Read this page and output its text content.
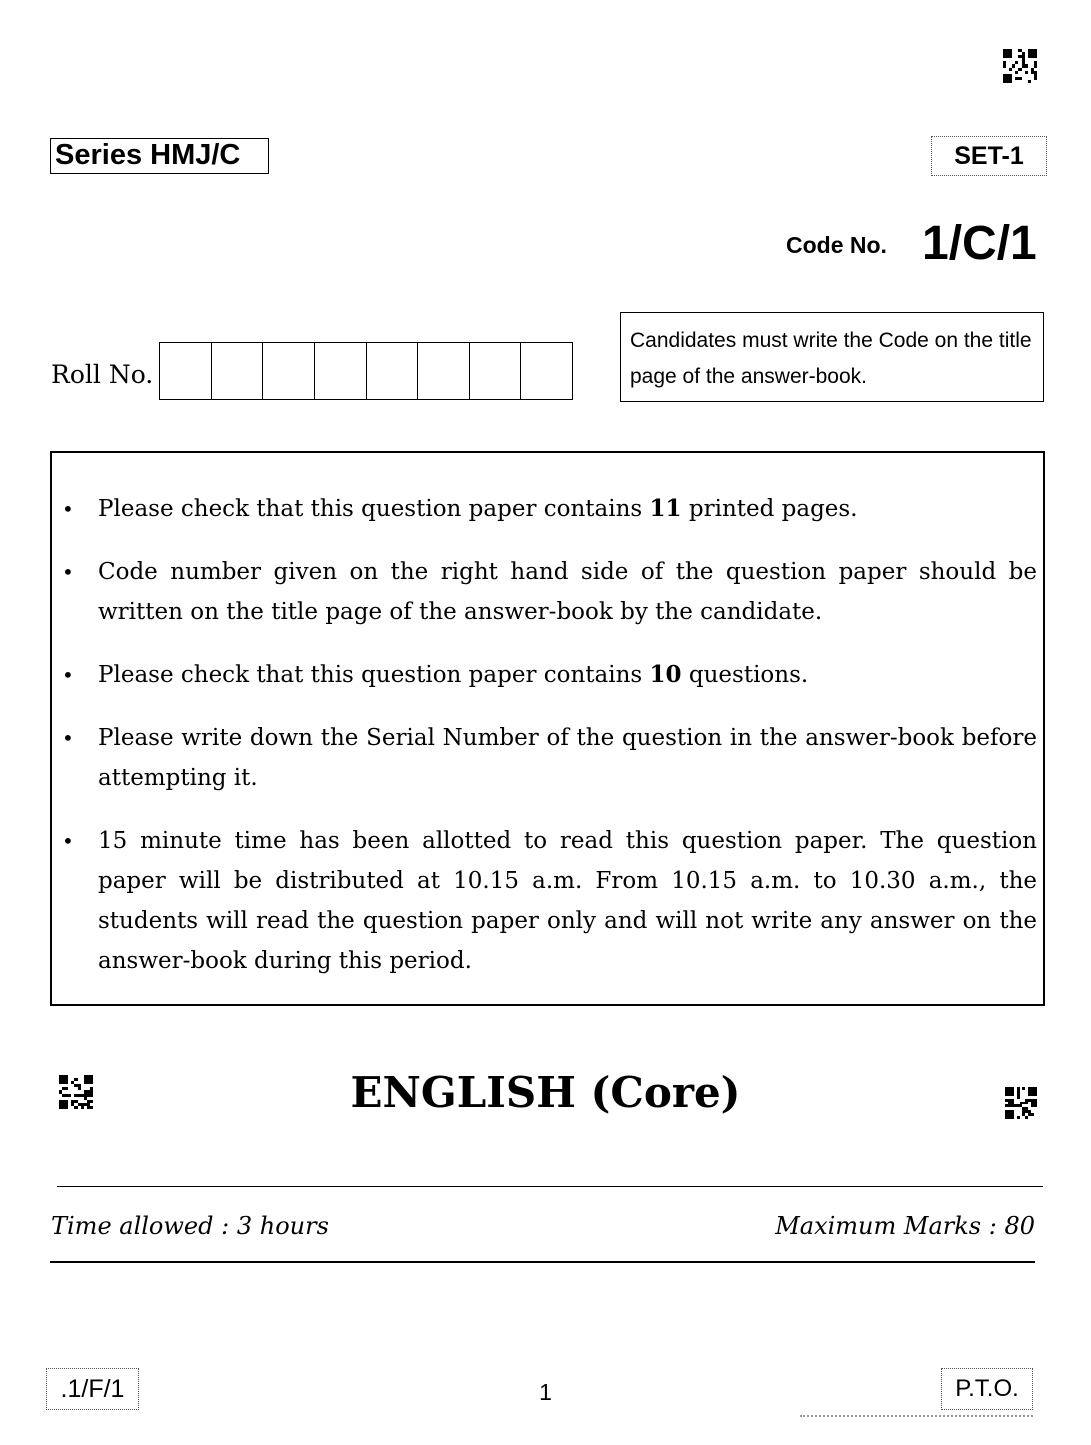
Series HMJ/C	SET-1
Code No. 1/C/1
Roll No.
Candidates must write the Code on the title page of the answer-book.
• Please check that this question paper contains 11 printed pages.
• Code number given on the right hand side of the question paper should be written on the title page of the answer-book by the candidate.
• Please check that this question paper contains 10 questions.
• Please write down the Serial Number of the question in the answer-book before attempting it.
• 15 minute time has been allotted to read this question paper. The question paper will be distributed at 10.15 a.m. From 10.15 a.m. to 10.30 a.m., the students will read the question paper only and will not write any answer on the answer-book during this period.
ENGLISH (Core)
Time allowed : 3 hours	Maximum Marks : 80
.1/F/1	1	P.T.O.
